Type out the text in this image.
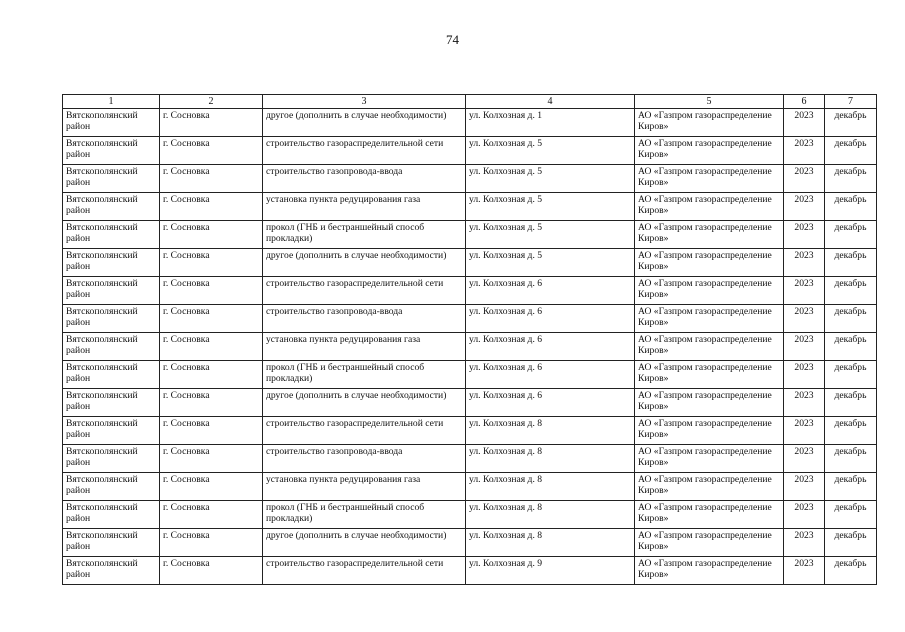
74
1	2	3	4	5	6	7
Вятскополянский район	г. Сосновка	другое (дополнить в случае необходимости)	ул. Колхозная д. 1	АО «Газпром газораспределение Киров»	2023	декабрь
Вятскополянский район	г. Сосновка	строительство газораспределительной сети	ул. Колхозная д. 5	АО «Газпром газораспределение Киров»	2023	декабрь
Вятскополянский район	г. Сосновка	строительство газопровода-ввода	ул. Колхозная д. 5	АО «Газпром газораспределение Киров»	2023	декабрь
Вятскополянский район	г. Сосновка	установка пункта редуцирования газа	ул. Колхозная д. 5	АО «Газпром газораспределение Киров»	2023	декабрь
Вятскополянский район	г. Сосновка	прокол (ГНБ и бестраншейный способ прокладки)	ул. Колхозная д. 5	АО «Газпром газораспределение Киров»	2023	декабрь
Вятскополянский район	г. Сосновка	другое (дополнить в случае необходимости)	ул. Колхозная д. 5	АО «Газпром газораспределение Киров»	2023	декабрь
Вятскополянский район	г. Сосновка	строительство газораспределительной сети	ул. Колхозная д. 6	АО «Газпром газораспределение Киров»	2023	декабрь
Вятскополянский район	г. Сосновка	строительство газопровода-ввода	ул. Колхозная д. 6	АО «Газпром газораспределение Киров»	2023	декабрь
Вятскополянский район	г. Сосновка	установка пункта редуцирования газа	ул. Колхозная д. 6	АО «Газпром газораспределение Киров»	2023	декабрь
Вятскополянский район	г. Сосновка	прокол (ГНБ и бестраншейный способ прокладки)	ул. Колхозная д. 6	АО «Газпром газораспределение Киров»	2023	декабрь
Вятскополянский район	г. Сосновка	другое (дополнить в случае необходимости)	ул. Колхозная д. 6	АО «Газпром газораспределение Киров»	2023	декабрь
Вятскополянский район	г. Сосновка	строительство газораспределительной сети	ул. Колхозная д. 8	АО «Газпром газораспределение Киров»	2023	декабрь
Вятскополянский район	г. Сосновка	строительство газопровода-ввода	ул. Колхозная д. 8	АО «Газпром газораспределение Киров»	2023	декабрь
Вятскополянский район	г. Сосновка	установка пункта редуцирования газа	ул. Колхозная д. 8	АО «Газпром газораспределение Киров»	2023	декабрь
Вятскополянский район	г. Сосновка	прокол (ГНБ и бестраншейный способ прокладки)	ул. Колхозная д. 8	АО «Газпром газораспределение Киров»	2023	декабрь
Вятскополянский район	г. Сосновка	другое (дополнить в случае необходимости)	ул. Колхозная д. 8	АО «Газпром газораспределение Киров»	2023	декабрь
Вятскополянский район	г. Сосновка	строительство газораспределительной сети	ул. Колхозная д. 9	АО «Газпром газораспределение Киров»	2023	декабрь
